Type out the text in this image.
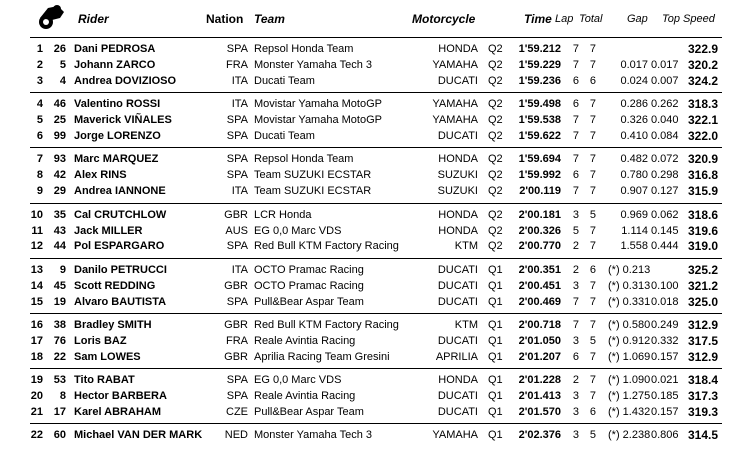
Rider	Nation Team	Motorcycle	Time Lap Total Gap Top Speed
1 26 Dani PEDROSA	SPA Repsol Honda Team	HONDA Q2	1'59.212	7 7	322.9
2	5 Johann ZARCO	FRA Monster Yamaha Tech 3	YAMAHA Q2	1'59.229	7 7	0.017 0.017 320.2
3	4 Andrea DOVIZIOSO	ITA Ducati Team	DUCATI Q2	1'59.236	6 6	0.024 0.007 324.2
4 46 Valentino ROSSI	ITA Movistar Yamaha MotoGP	YAMAHA Q2	1'59.498	6 7	0.286 0.262 318.3
5 25 Maverick VIÑALES	SPA Movistar Yamaha MotoGP	YAMAHA Q2	1'59.538	7 7	0.326 0.040 322.1
6 99 Jorge LORENZO	SPA Ducati Team	DUCATI Q2	1'59.622	7 7	0.410 0.084 322.0
7 93 Marc MARQUEZ	SPA Repsol Honda Team	HONDA Q2	1'59.694	7 7	0.482 0.072 320.9
8 42 Alex RINS	SPA Team SUZUKI ECSTAR	SUZUKI Q2	1'59.992	6 7	0.780 0.298 316.8
9 29 Andrea IANNONE	ITA Team SUZUKI ECSTAR	SUZUKI Q2	2'00.119	7 7	0.907 0.127 315.9
10 35 Cal CRUTCHLOW	GBR LCR Honda	HONDA Q2	2'00.181	3 5	0.969 0.062 318.6
11 43 Jack MILLER	AUS EG 0,0 Marc VDS	HONDA Q2	2'00.326	5 7	1.114 0.145 319.6
12 44 Pol ESPARGARO	SPA Red Bull KTM Factory Racing	KTM Q2	2'00.770	2 7	1.558 0.444 319.0
13	9 Danilo PETRUCCI	ITA OCTO Pramac Racing	DUCATI Q1	2'00.351	2 6 (*) 0.213	325.2
14 45 Scott REDDING	GBR OCTO Pramac Racing	DUCATI Q1	2'00.451	3 7 (*) 0.313 0.100 321.2
15 19 Alvaro BAUTISTA	SPA Pull&Bear Aspar Team	DUCATI Q1	2'00.469	7 7 (*) 0.331 0.018 325.0
16 38 Bradley SMITH	GBR Red Bull KTM Factory Racing	KTM Q1	2'00.718	7 7 (*) 0.580 0.249 312.9
17 76 Loris BAZ	FRA Reale Avintia Racing	DUCATI Q1	2'01.050	3 5 (*) 0.912 0.332 317.5
18 22 Sam LOWES	GBR Aprilia Racing Team Gresini	APRILIA Q1	2'01.207	6 7 (*) 1.069 0.157 312.9
19 53 Tito RABAT	SPA EG 0,0 Marc VDS	HONDA Q1	2'01.228	2 7 (*) 1.090 0.021 318.4
20	8 Hector BARBERA	SPA Reale Avintia Racing	DUCATI Q1	2'01.413	3 7 (*) 1.275 0.185 317.3
21 17 Karel ABRAHAM	CZE Pull&Bear Aspar Team	DUCATI Q1	2'01.570	3 6 (*) 1.432 0.157 319.3
22 60 Michael VAN DER MARK	NED Monster Yamaha Tech 3	YAMAHA Q1	2'02.376	3 5 (*) 2.238 0.806 314.5
